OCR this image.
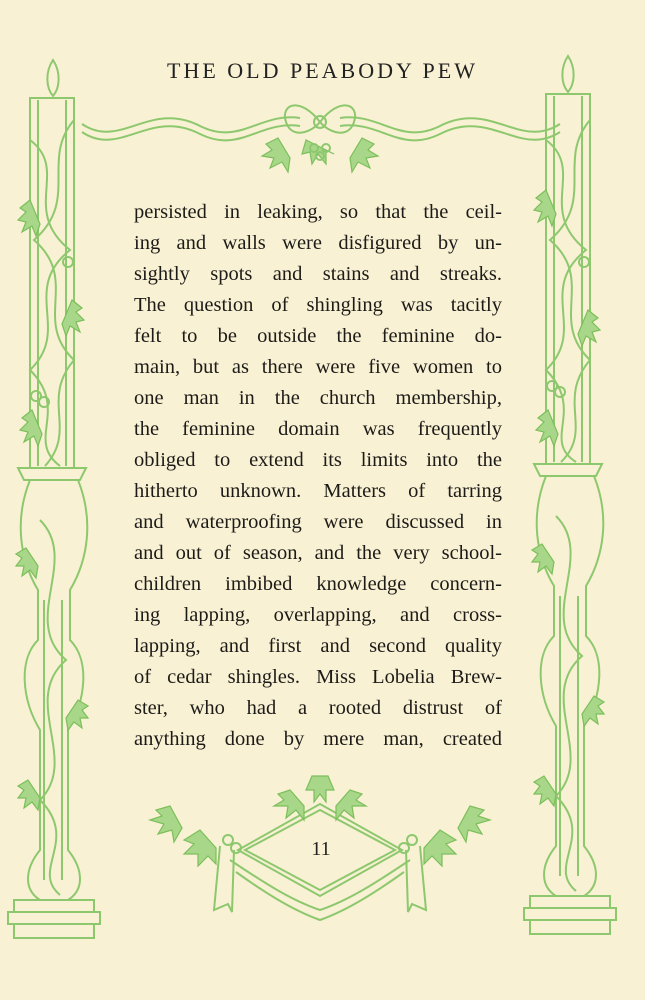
THE OLD PEABODY PEW
persisted in leaking, so that the ceil-
ing and walls were disfigured by un-
sightly spots and stains and streaks.
The question of shingling was tacitly
felt to be outside the feminine do-
main, but as there were five women to
one man in the church membership,
the feminine domain was frequently
obliged to extend its limits into the
hitherto unknown. Matters of tarring
and waterproofing were discussed in
and out of season, and the very school-
children imbibed knowledge concern-
ing lapping, overlapping, and cross-
lapping, and first and second quality
of cedar shingles. Miss Lobelia Brew-
ster, who had a rooted distrust of
anything done by mere man, created
11
